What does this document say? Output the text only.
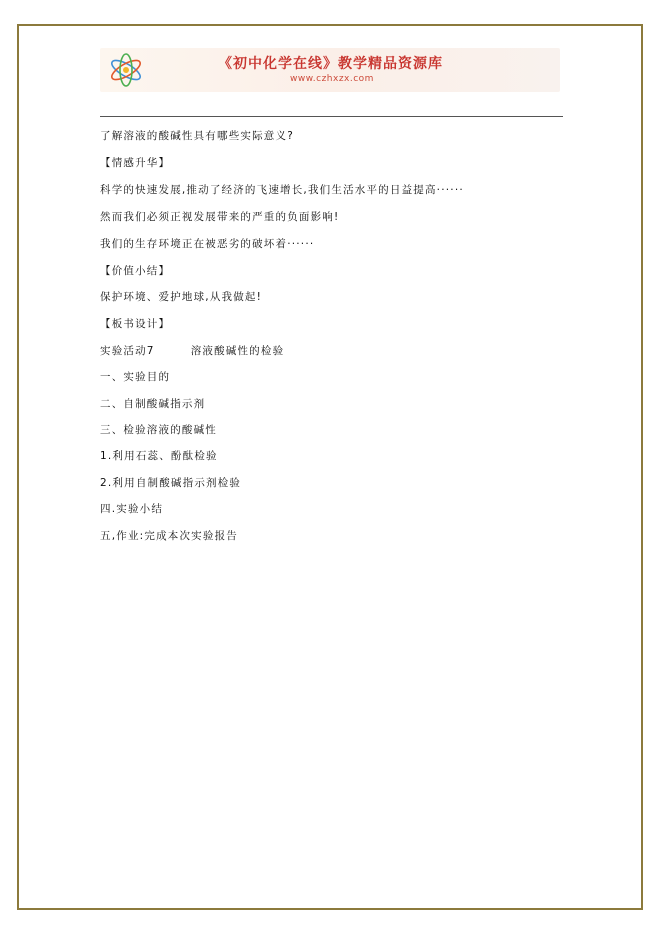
《初中化学在线》教学精品资源库
www.czhxzx.com
了解溶液的酸碱性具有哪些实际意义?
【情感升华】
科学的快速发展,推动了经济的飞速增长,我们生活水平的日益提高······
然而我们必须正视发展带来的严重的负面影响!
我们的生存环境正在被恶劣的破坏着······
【价值小结】
保护环境、爱护地球,从我做起!
【板书设计】
实验活动7	溶液酸碱性的检验
一、实验目的
二、自制酸碱指示剂
三、检验溶液的酸碱性
1.利用石蕊、酚酞检验
2.利用自制酸碱指示剂检验
四.实验小结
五,作业:完成本次实验报告
